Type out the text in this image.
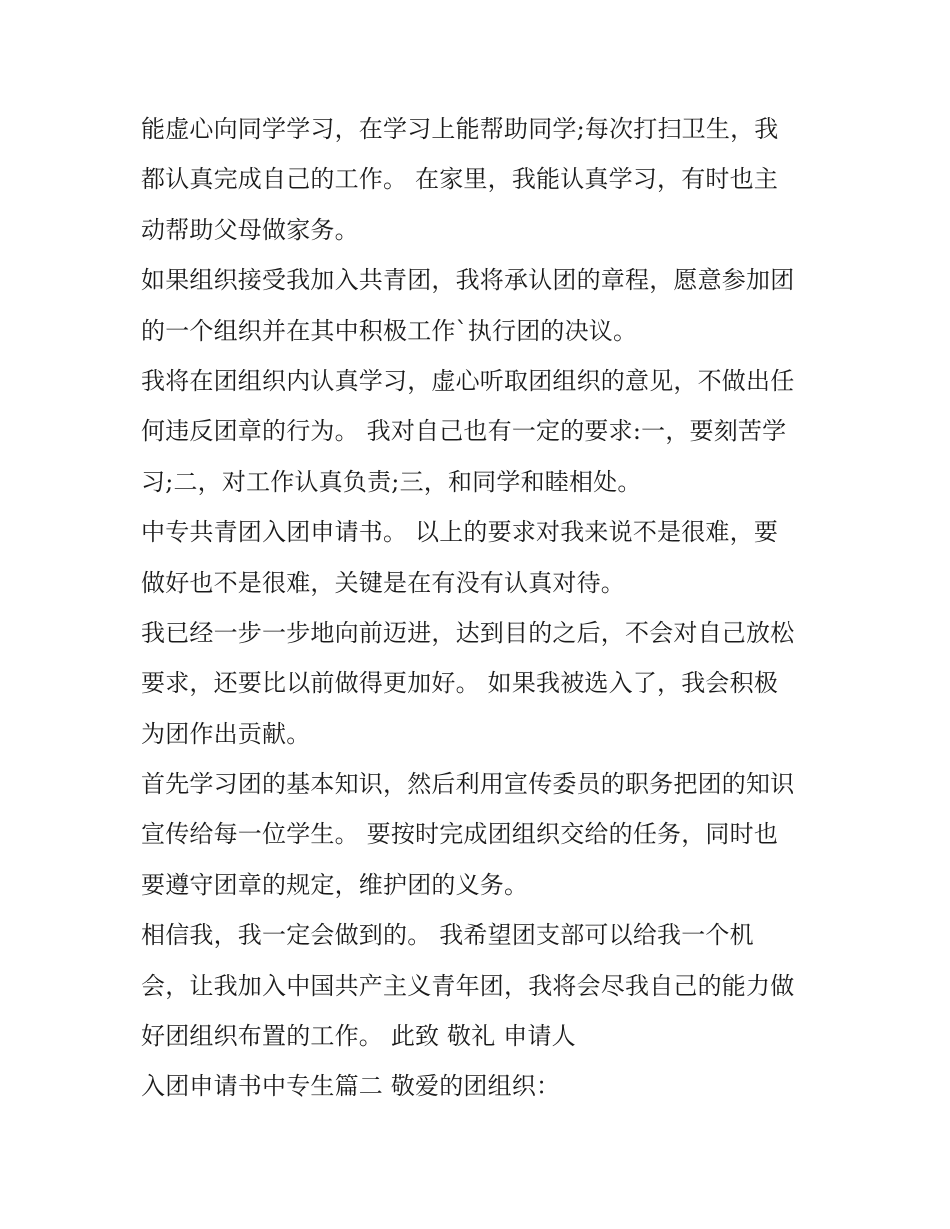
能虚心向同学学习，在学习上能帮助同学;每次打扫卫生，我
都认真完成自己的工作。 在家里，我能认真学习，有时也主
动帮助父母做家务。

如果组织接受我加入共青团，我将承认团的章程，愿意参加团
的一个组织并在其中积极工作`执行团的决议。

我将在团组织内认真学习，虚心听取团组织的意见，不做出任
何违反团章的行为。 我对自己也有一定的要求:一，要刻苦学
习;二，对工作认真负责;三，和同学和睦相处。

中专共青团入团申请书。 以上的要求对我来说不是很难，要
做好也不是很难，关键是在有没有认真对待。

我已经一步一步地向前迈进，达到目的之后，不会对自己放松
要求，还要比以前做得更加好。 如果我被选入了，我会积极
为团作出贡献。

首先学习团的基本知识，然后利用宣传委员的职务把团的知识
宣传给每一位学生。 要按时完成团组织交给的任务，同时也
要遵守团章的规定，维护团的义务。

相信我，我一定会做到的。 我希望团支部可以给我一个机
会，让我加入中国共产主义青年团，我将会尽我自己的能力做
好团组织布置的工作。 此致 敬礼 申请人

入团申请书中专生篇二 敬爱的团组织：
